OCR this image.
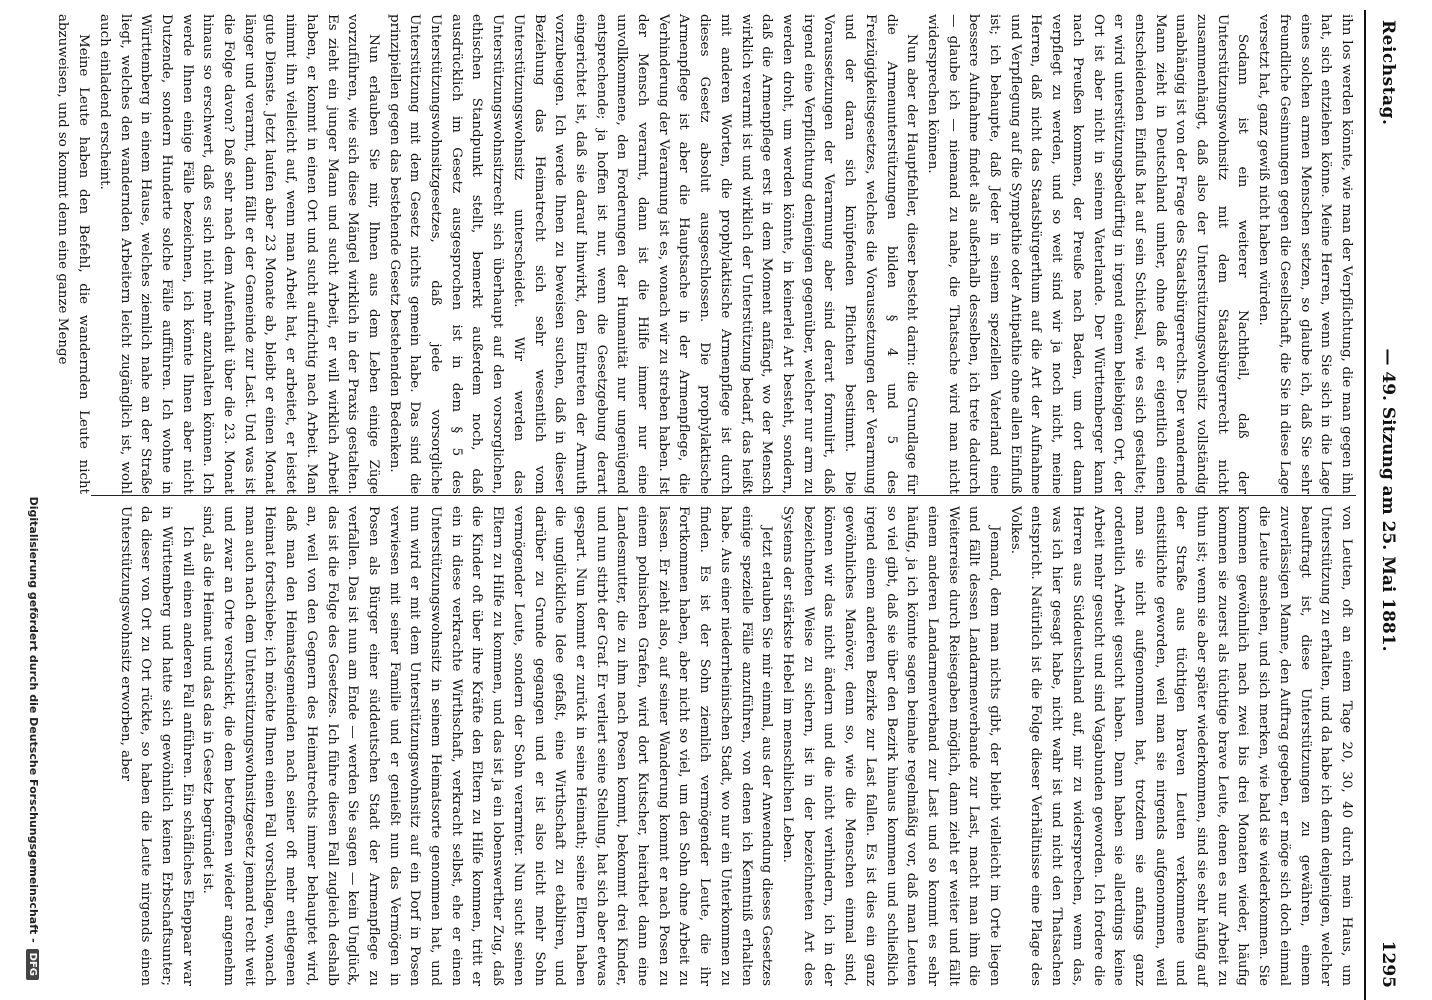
Reichstag.
— 49. Sitzung am 25. Mai 1881.
1295

ihn los werden könnte, wie man der Verpflichtung, die man gegen ihn hat, sich entziehen könne. Meine Herren, wenn Sie sich in die Lage eines solchen armen Menschen setzen, so glaube ich, daß Sie sehr freundliche Gesinnungen gegen die Gesellschaft, die Sie in diese Lage versetzt hat, ganz gewiß nicht haben würden.

Sodann ist ein weiterer Nachtheil, daß der Unterstützungswohnsitz mit dem Staatsbürgerrecht nicht zusammenhängt, daß also der Unterstützungswohnsitz vollständig unabhängig ist von der Frage des Staatsbürgerrechts. Der wandernde Mann zieht in Deutschland umher, ohne daß er eigentlich einen entscheidenden Einfluß hat auf sein Schicksal, wie es sich gestaltet; er wird unterstützungsbedürftig in irgend einem beliebigen Ort, der Ort ist aber nicht in seinem Vaterlande. Der Württemberger kann nach Preußen kommen, der Preuße nach Baden, um dort dann verpflegt zu werden, und so weit sind wir ja noch nicht, meine Herren, daß nicht das Staatsbürgerthum auf die Art der Aufnahme und Verpflegung auf die Sympathie oder Antipathie ohne allen Einfluß ist; ich behaupte, daß Jeder in seinem speziellen Vaterland eine bessere Aufnahme findet als außerhalb desselben, ich trete dadurch — glaube ich — niemand zu nahe, die Thatsache wird man nicht widersprechen können.

Nun aber der Hauptfehler, dieser besteht darin: die Grundlage für die Armenunterstützungen bilden § 4 und 5 des Freizügigkeitsgesetzes, welches die Voraussetzungen der Verarmung und der daran sich knüpfenden Pflichten bestimmt. Die Voraussetzungen der Verarmung aber sind derart formulirt, daß irgend eine Verpflichtung demjenigen gegenüber, welcher nur arm zu werden droht, um werden könnte, in keinerlei Art besteht, sondern, daß die Armenpflege erst in dem Moment anfängt, wo der Mensch wirklich verarmt ist und wirklich der Unterstützung bedarf, das heißt mit anderen Worten, die prophylaktische Armenpflege ist durch dieses Gesetz absolut ausgeschlossen. Die prophylaktische Armenpflege ist aber die Hauptsache in der Armenpflege, die Verhinderung der Verarmung ist es, wonach wir zu streben haben. Ist der Mensch verarmt, dann ist die Hilfe immer nur eine unvollkommene, den Forderungen der Humanität nur ungenügend entsprechende; ja hoffen ist nur, wenn die Gesetzgebung derart eingerichtet ist, daß sie darauf hinwirkt, den Eintreten der Armuth vorzubeugen. Ich werde Ihnen zu beweisen suchen, daß in dieser Beziehung das Heimatrecht sich sehr wesentlich vom Unterstützungswohnsitz unterscheidet. Wir werden das Unterstützungswohnsitzrecht sich überhaupt auf den vorsorglichen, ethischen Standpunkt stellt, bemerkt außerdem noch, daß ausdrücklich im Gesetz ausgesprochen ist in dem § 5 des Unterstützungswohnsitzgesetzes, daß jede vorsorgliche Unterstützung mit dem Gesetz nichts gemein habe. Das sind die prinzipiellen gegen das bestehende Gesetz bestehenden Bedenken.

Nun erlauben Sie mir, Ihnen aus dem Leben einige Züge vorzuführen, wie sich diese Mängel wirklich in der Praxis gestalten. Es zieht ein junger Mann und sucht Arbeit, er will wirklich Arbeit haben, er kommt in einen Ort und sucht aufrichtig nach Arbeit. Man nimmt ihn vielleicht auf, wenn man Arbeit hat, er arbeitet, er leistet gute Dienste. Jetzt laufen aber 23 Monate ab, bleibt er einen Monat länger und verarmt, dann fällt er der Gemeinde zur Last. Und was ist die Folge davon? Daß sehr nach dem Aufenthalt über die 23. Monat hinaus so erschwert, daß es sich nicht mehr anzuhalten können. Ich werde Ihnen einige Fälle bezeichnen, ich könnte Ihnen aber nicht Dutzende, sondern Hunderte solche Fälle aufführen. Ich wohne in Württemberg in einem Hause, welches ziemlich nahe an der Straße liegt, welches den wandernden Arbeitern leicht zugänglich ist, wohl auch einladend erscheint.

Meine Leute haben den Befehl, die wandernden Leute nicht abzuweisen, und so kommt denn eine ganze Menge

von Leuten, oft an einem Tage 20, 30, 40 durch mein Haus, um Unterstützung zu erhalten, und da habe ich denn denjenigen, welcher beauftragt ist, diese Unterstützungen zu gewähren, einem zuverlässigen Manne, den Auftrag gegeben, er möge sich doch einmal die Leute ansehen, und sich merken, wie bald sie wiederkommen. Sie kommen gewöhnlich nach zwei bis drei Monaten wieder, häufig kommen sie zuerst als tüchtige brave Leute, denen es nur Arbeit zu thun ist; wenn sie aber später wiederkommen, sind sie sehr häufig auf der Straße aus tüchtigen braven Leuten verkommene und entsittlichte geworden, weil man sie nirgends aufgenommen, weil man sie nicht aufgenommen hat, trotzdem sie anfangs ganz ordentlich Arbeit gesucht haben. Dann haben sie allerdings keine Arbeit mehr gesucht und sind Vagabunden geworden. Ich fordere die Herren aus Süddeutschland auf, mir zu widersprechen, wenn das, was ich hier gesagt habe, nicht wahr ist und nicht den Thatsachen entspricht. Natürlich ist die Folge dieser Verhältnisse eine Plage des Volkes.

Jemand, dem man nichts gibt, der bleibt vielleicht im Orte liegen und fällt dessen Landarmenverbande zur Last, macht man ihm die Weiterreise durch Reisegaben möglich, dann zieht er weiter und fällt einem anderen Landarmenverband zur Last und so kommt es sehr häufig, ja ich könnte sagen beinahe regelmäßig vor, daß man Leuten so viel gibt, daß sie über den Bezirk hinaus kommen und schließlich irgend einem anderen Bezirke zur Last fallen. Es ist dies ein ganz gewöhnliches Manöver, denn so, wie die Menschen einmal sind, können wir das nicht ändern und die nicht verhindern, ich in der bezeichneten Weise zu sichern, ist in der bezeichneten Art des Systems der stärkste Hebel im menschlichen Leben.

Jetzt erlauben Sie mir einmal, aus der Anwendung dieses Gesetzes einige spezielle Fälle anzuführen, von denen ich Kenntniß erhalten habe. Aus einer niederrheinischen Stadt, wo nur ein Unterkommen zu finden. Es ist der Sohn ziemlich vermögender Leute, die ihr Fortkommen haben, aber nicht so viel, um den Sohn ohne Arbeit zu lassen. Er zieht also, auf seiner Wanderung kommt er nach Posen zu einem polnischen Grafen, wird dort Kutscher, heirathet dann eine Landesmutter, die zu ihm nach Posen kommt, bekommt drei Kinder, und nun stirbt der Graf. Er verliert seine Stellung, hat sich aber etwas gespart. Nun kommt er zurück in seine Heimath; seine Eltern haben die unglückliche Idee gefaßt, eine Wirthschaft zu etabliren, und darüber zu Grunde gegangen und er ist also nicht mehr Sohn vermögender Leute, sondern der Sohn verarmter. Nun sucht seinen Eltern zu Hilfe zu kommen, und das ist ja ein lobenswerther Zug, daß die Kinder oft über ihre Kräfte den Eltern zu Hilfe kommen, tritt er ein in diese verkrachte Wirthschaft, verkracht selbst, ehe er einen Unterstützungswohnsitz in seinem Heimatsorte genommen hat, und nun wird er mit dem Unterstützungswohnsitz auf ein Dorf in Posen verwiesen mit seiner Familie und er genießt nun das Vermögen in Posen als Bürger einer süddeutschen Stadt der Armenpflege zu verfallen. Das ist nun am Ende — werden Sie sagen — kein Unglück, das ist die Folge des Gesetzes. Ich führe diesen Fall zugleich deshalb an, weil von den Gegnern des Heimatrechts immer behauptet wird, daß man den Heimatsgemeinden nach seiner oft mehr entlegenen Heimat fortschiebe; ich möchte Ihnen einen Fall vorschlagen, wonach man auch nach dem Unterstützungswohnsitzgesetz jemand recht weit und zwar an Orte verschickt, die dem betroffenen wieder angenehm sind, als die Heimat und das das in Gesetz begründet ist.

Ich will einen anderen Fall anführen. Ein schäfliches Eheppaar war in Württemberg und hatte sich gewöhnlich keinen Erbschaftsunter; da dieser von Ort zu Ort rückte, so haben die Leute nirgends einen Unterstützungswohnsitz erworben, aber

Digitalisierung gefördert durch die Deutsche Forschungsgemeinschaft -DFG
